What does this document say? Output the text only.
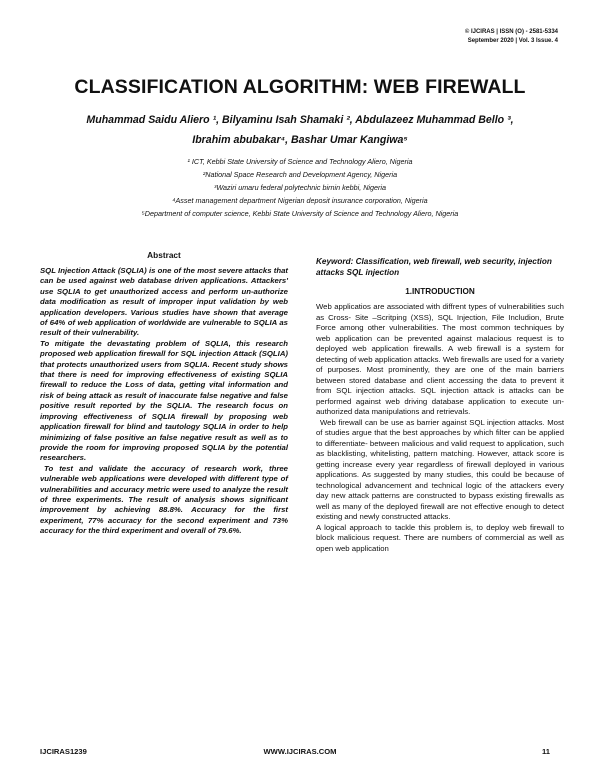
© IJCIRAS | ISSN (O) - 2581-5334
September 2020 | Vol. 3 Issue. 4
CLASSIFICATION ALGORITHM: WEB FIREWALL
Muhammad Saidu Aliero ¹, Bilyaminu Isah Shamaki ², Abdulazeez Muhammad Bello ³,
Ibrahim abubakar⁴, Bashar Umar Kangiwa⁵
¹ ICT, Kebbi State University of Science and Technology Aliero, Nigeria
²National Space Research and Development Agency, Nigeria
³Waziri umaru federal polytechnic birnin kebbi, Nigeria
⁴Asset management department Nigerian deposit insurance corporation, Nigeria
⁵Department of computer science, Kebbi State University of Science and Technology Aliero, Nigeria
Abstract

SQL Injection Attack (SQLIA) is one of the most severe attacks that can be used against web database driven applications. Attackers' use SQLIA to get unauthorized access and perform un-authorize data modification as result of improper input validation by web application developers. Various studies have shown that average of 64% of web application of worldwide are vulnerable to SQLIA as result of their vulnerability.

To mitigate the devastating problem of SQLIA, this research proposed web application firewall for SQL injection Attack (SQLIA) that protects unauthorized users from SQLIA. Recent study shows that there is need for improving effectiveness of existing SQLIA firewall to reduce the Loss of data, getting vital information and risk of being attack as result of inaccurate false negative and false positive result reported by the SQLIA. The research focus on improving effectiveness of SQLIA firewall by proposing web application firewall for blind and tautology SQLIA in order to help minimizing of false positive an false negative result as well as to provide the room for improving proposed SQLIA by the potential researchers.

To test and validate the accuracy of research work, three vulnerable web applications were developed with different type of vulnerabilities and accuracy metric were used to analyze the result of three experiments. The result of analysis shows significant improvement by achieving 88.8%. Accuracy for the first experiment, 77% accuracy for the second experiment and 73% accuracy for the third experiment and overall of 79.6%.

Keyword: Classification, web firewall, web security, injection attacks SQL injection
1.INTRODUCTION

Web applicatios are associated with diffrent types of vulnerabilities such as Cross- Site –Scritping (XSS), SQL Injection, File Includion, Brute Force among other vulnerabilities. The most common techniques by web application can be prevented against malacious request is to deployed web application firewalls. A web firewall is a system for detecting of web application attacks. Web firewalls are used for a variety of purposes. Most prominently, they are one of the main barriers between stored database and client accessing the data to prevent it from SQL injection attacks. SQL injection attack is attacks can be performed against web driving database application to execute un-authorized data manipulations and retrievals.

Web firewall can be use as barrier against SQL injection attacks. Most of studies argue that the best approaches by which filter can be applied to differentiate- between malicious and valid request to application, such as blacklisting, whitelisting, pattern matching. However, attack score is getting increase every year regardless of firewall deployed in various applications. As suggested by many studies, this could be because of technological advancement and technical logic of the attackers every day new attack patterns are constructed to bypass existing firewalls as well as many of the deployed firewall are not effective enough to detect existing and newly constructed attacks.

A logical approach to tackle this problem is, to deploy web firewall to block malicious request. There are numbers of commercial as well as open web application

IJCIRAS1239	WWW.IJCIRAS.COM	11
